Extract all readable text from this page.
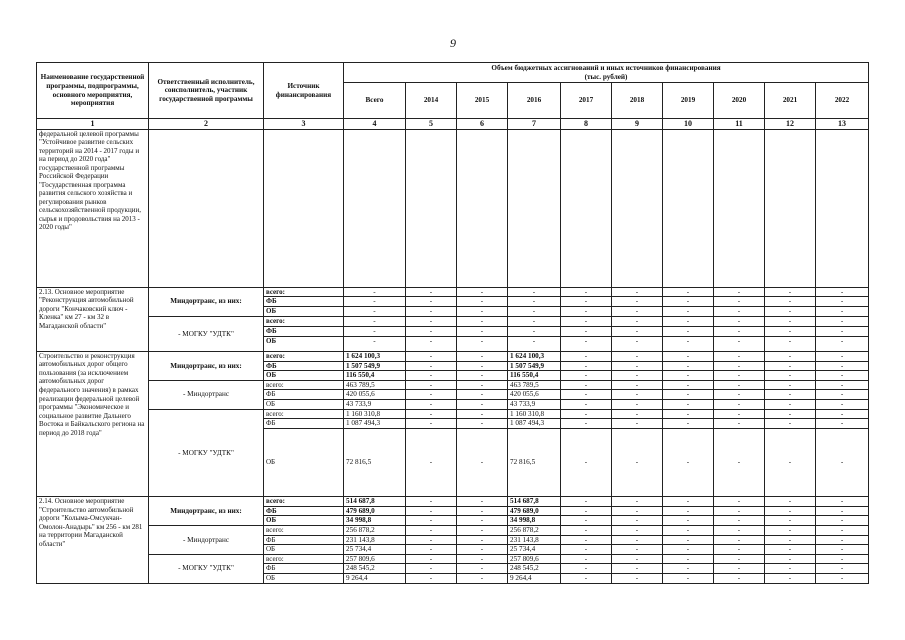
9
Наименование государственной программы, подпрограммы, основного мероприятия, мероприятия	Ответственный исполнитель, соисполнитель, участник государственной программы	Источник финансирования	Объем бюджетных ассигнований и иных источников финансирования
(тыс. рублей)									

			Всего	2014	2015	2016	2017	2018	2019	2020	2021	2022
1	2	3	4	5	6	7	8	9	10	11	12	13
федеральной целевой программы "Устойчивое развитие сельских территорий на 2014 - 2017 годы и на период до 2020 года" государственной программы Российской Федерации "Государственная программа развития сельского хозяйства и регулирования рынков сельскохозяйственной продукции, сырья и продовольствия на 2013 - 2020 годы"												
2.13. Основное мероприятие "Реконструкция автомобильной дороги "Кончаковский ключ - Кленка" км 27 - км 32 в Магаданской области"	Миндортранс, из них:	всего:	-	-	-	-	-	-	-	-	-	-
		ФБ	-	-	-	-	-	-	-	-	-	-
		ОБ	-	-	-	-	-	-	-	-	-	-
	- МОГКУ "УДТК"	всего:	-	-	-	-	-	-	-	-	-	-
		ФБ	-	-	-	-	-	-	-	-	-	-
		ОБ	-	-	-	-	-	-	-	-	-	-
Строительство и реконструкция автомобильных дорог общего пользования (за исключением автомобильных дорог федерального значения) в рамках реализации федеральной целевой программы "Экономическое и социальное развитие Дальнего Востока и Байкальского региона на период до 2018 года"	Миндортранс, из них:	всего:	1 624 100,3	-	-	1 624 100,3	-	-	-	-	-	-
		ФБ	1 507 549,9	-	-	1 507 549,9	-	-	-	-	-	-
		ОБ	116 550,4	-	-	116 550,4	-	-	-	-	-	-
	- Миндортранс	всего:	463 789,5	-	-	463 789,5	-	-	-	-	-	-
		ФБ	420 055,6	-	-	420 055,6	-	-	-	-	-	-
		ОБ	43 733,9	-	-	43 733,9	-	-	-	-	-	-
	- МОГКУ "УДТК"	всего:	1 160 310,8	-	-	1 160 310,8	-	-	-	-	-	-
		ФБ	1 087 494,3	-	-	1 087 494,3	-	-	-	-	-	-
		ОБ	72 816,5	-	-	72 816,5	-	-	-	-	-	-
2.14. Основное мероприятие "Строительство автомобильной дороги "Колыма-Омсукчан-Омолон-Анадырь" км 256 - км 281 на территории Магаданской области"	Миндортранс, из них:	всего:	514 687,8	-	-	514 687,8	-	-	-	-	-	-
		ФБ	479 689,0	-	-	479 689,0	-	-	-	-	-	-
		ОБ	34 998,8	-	-	34 998,8	-	-	-	-	-	-
	- Миндортранс	всего:	256 878,2	-	-	256 878,2	-	-	-	-	-	-
		ФБ	231 143,8	-	-	231 143,8	-	-	-	-	-	-
		ОБ	25 734,4	-	-	25 734,4	-	-	-	-	-	-
	- МОГКУ "УДТК"	всего:	257 809,6	-	-	257 809,6	-	-	-	-	-	-
		ФБ	248 545,2	-	-	248 545,2	-	-	-	-	-	-
		ОБ	9 264,4	-	-	9 264,4	-	-	-	-	-	-
